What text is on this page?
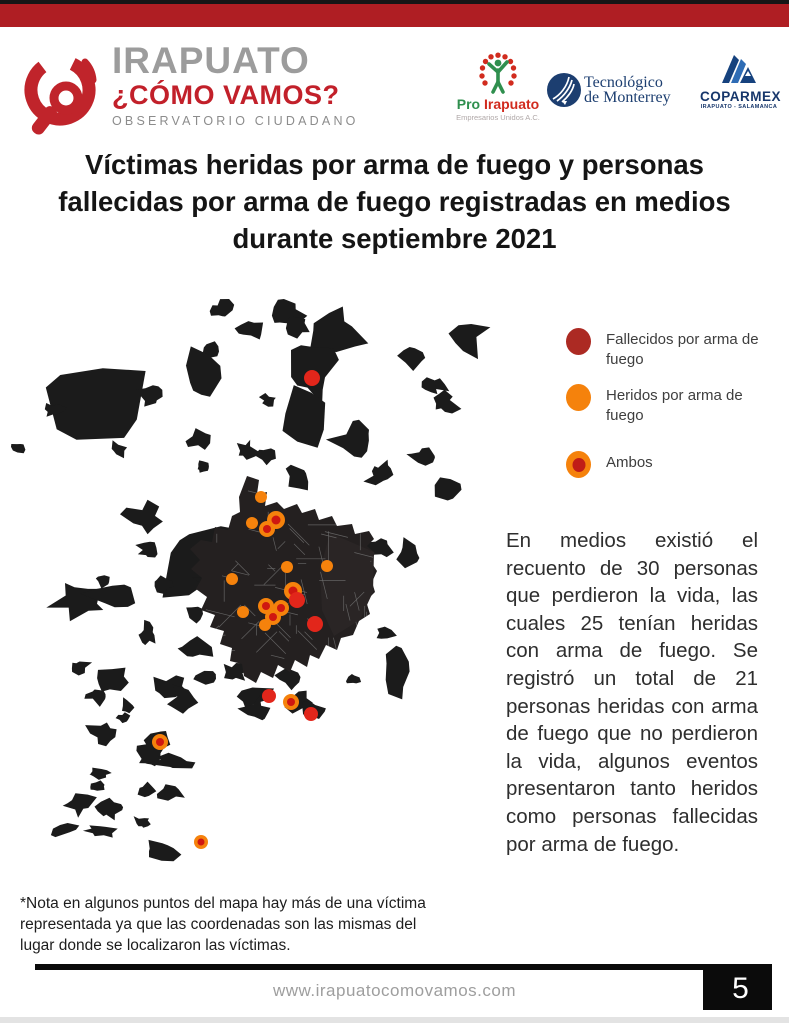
IRAPUATO
¿CÓMO VAMOS?
OBSERVATORIO CIUDADANO
Pro Irapuato
Empresarios Unidos A.C.
Tecnológico
de Monterrey COPARMEX
IRAPUATO - SALAMANCA
Víctimas heridas por arma de fuego y personas
fallecidas por arma de fuego registradas en medios
durante septiembre 2021
Fallecidos por arma de fuego
Heridos por arma de fuego
Ambos
En medios existió el recuento de 30 personas que perdieron la vida, las cuales 25 tenían heridas con arma de fuego. Se registró un total de 21 personas heridas con arma de fuego que no perdieron la vida, algunos eventos presentaron tanto heridos como personas fallecidas por arma de fuego.
*Nota en algunos puntos del mapa hay más de una víctima representada ya que las coordenadas son las mismas del lugar donde se localizaron las víctimas.
5
www.irapuatocomovamos.com
